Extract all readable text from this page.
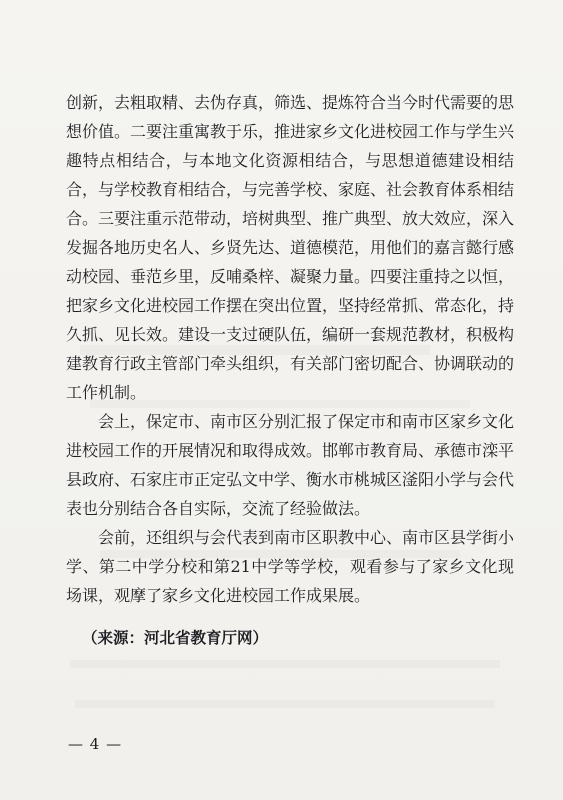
创新，去粗取精、去伪存真，筛选、提炼符合当今时代需要的思
想价值。二要注重寓教于乐，推进家乡文化进校园工作与学生兴
趣特点相结合，与本地文化资源相结合，与思想道德建设相结
合，与学校教育相结合，与完善学校、家庭、社会教育体系相结
合。三要注重示范带动，培树典型、推广典型、放大效应，深入
发掘各地历史名人、乡贤先达、道德模范，用他们的嘉言懿行感
动校园、垂范乡里，反哺桑梓、凝聚力量。四要注重持之以恒，
把家乡文化进校园工作摆在突出位置，坚持经常抓、常态化，持
久抓、见长效。建设一支过硬队伍，编研一套规范教材，积极构
建教育行政主管部门牵头组织，有关部门密切配合、协调联动的
工作机制。
会上，保定市、南市区分别汇报了保定市和南市区家乡文化
进校园工作的开展情况和取得成效。邯郸市教育局、承德市滦平
县政府、石家庄市正定弘文中学、衡水市桃城区滏阳小学与会代
表也分别结合各自实际，交流了经验做法。
会前，还组织与会代表到南市区职教中心、南市区县学街小
学、第二中学分校和第21中学等学校，观看参与了家乡文化现
场课，观摩了家乡文化进校园工作成果展。
（来源：河北省教育厅网）
— 4 —
